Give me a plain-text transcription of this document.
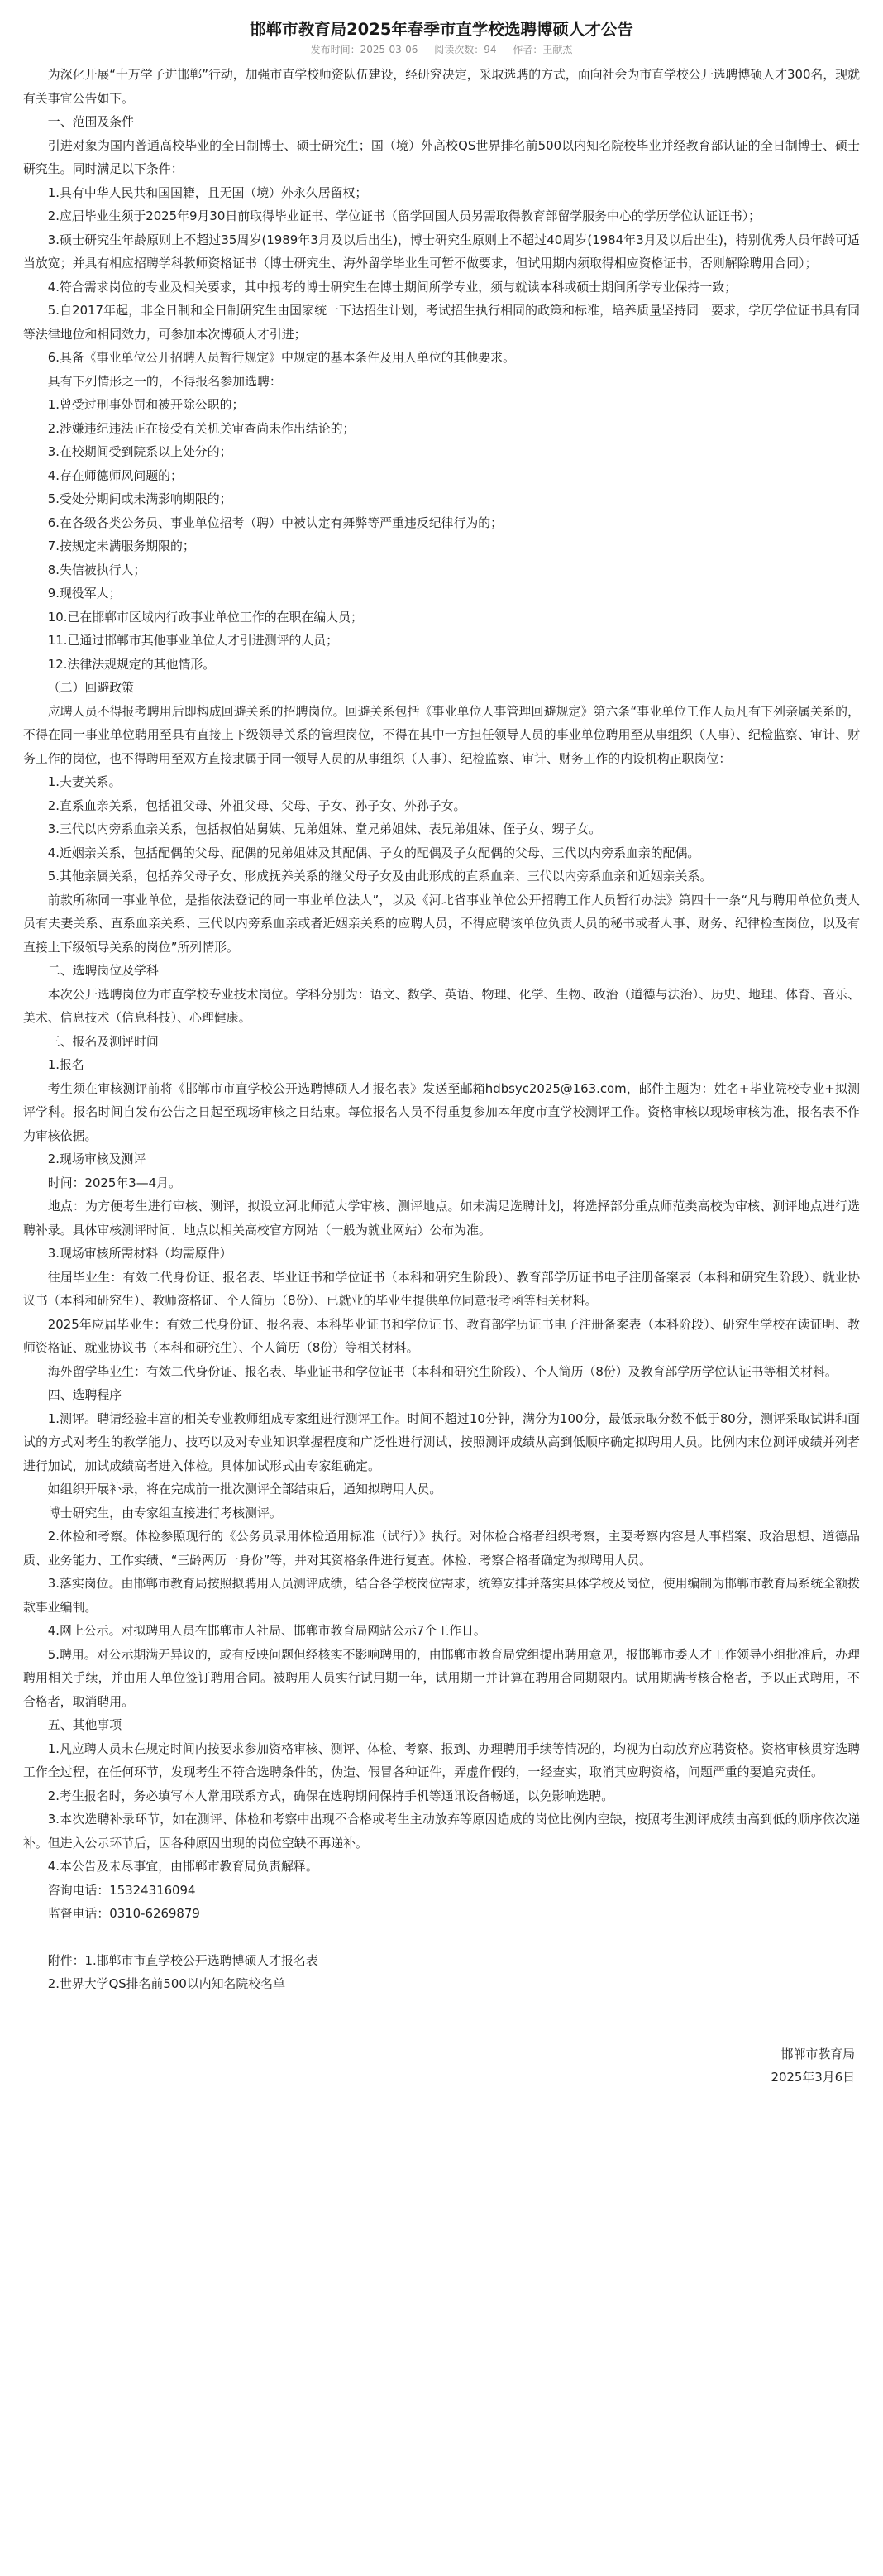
邯郸市教育局2025年春季市直学校选聘博硕人才公告
发布时间：2025-03-06 阅读次数：94 作者：王献杰

为深化开展“十万学子进邯郸”行动，加强市直学校师资队伍建设，经研究决定，采取选聘的方式，面向社会为市直学校公开选聘博硕人才300名，现就有关事宜公告如下。

一、范围及条件

引进对象为国内普通高校毕业的全日制博士、硕士研究生；国（境）外高校QS世界排名前500以内知名院校毕业并经教育部认证的全日制博士、硕士研究生。同时满足以下条件：

1.具有中华人民共和国国籍，且无国（境）外永久居留权；

2.应届毕业生须于2025年9月30日前取得毕业证书、学位证书（留学回国人员另需取得教育部留学服务中心的学历学位认证证书）；

3.硕士研究生年龄原则上不超过35周岁(1989年3月及以后出生)，博士研究生原则上不超过40周岁(1984年3月及以后出生)，特别优秀人员年龄可适当放宽；并具有相应招聘学科教师资格证书（博士研究生、海外留学毕业生可暂不做要求，但试用期内须取得相应资格证书，否则解除聘用合同）；

4.符合需求岗位的专业及相关要求，其中报考的博士研究生在博士期间所学专业，须与就读本科或硕士期间所学专业保持一致；

5.自2017年起，非全日制和全日制研究生由国家统一下达招生计划，考试招生执行相同的政策和标准，培养质量坚持同一要求，学历学位证书具有同等法律地位和相同效力，可参加本次博硕人才引进；

6.具备《事业单位公开招聘人员暂行规定》中规定的基本条件及用人单位的其他要求。

具有下列情形之一的，不得报名参加选聘：

1.曾受过刑事处罚和被开除公职的；

2.涉嫌违纪违法正在接受有关机关审查尚未作出结论的；

3.在校期间受到院系以上处分的；

4.存在师德师风问题的；

5.受处分期间或未满影响期限的；

6.在各级各类公务员、事业单位招考（聘）中被认定有舞弊等严重违反纪律行为的；

7.按规定未满服务期限的；

8.失信被执行人；

9.现役军人；

10.已在邯郸市区域内行政事业单位工作的在职在编人员；

11.已通过邯郸市其他事业单位人才引进测评的人员；

12.法律法规规定的其他情形。

（二）回避政策

应聘人员不得报考聘用后即构成回避关系的招聘岗位。回避关系包括《事业单位人事管理回避规定》第六条“事业单位工作人员凡有下列亲属关系的，不得在同一事业单位聘用至具有直接上下级领导关系的管理岗位，不得在其中一方担任领导人员的事业单位聘用至从事组织（人事）、纪检监察、审计、财务工作的岗位，也不得聘用至双方直接隶属于同一领导人员的从事组织（人事）、纪检监察、审计、财务工作的内设机构正职岗位：

1.夫妻关系。

2.直系血亲关系，包括祖父母、外祖父母、父母、子女、孙子女、外孙子女。

3.三代以内旁系血亲关系，包括叔伯姑舅姨、兄弟姐妹、堂兄弟姐妹、表兄弟姐妹、侄子女、甥子女。

4.近姻亲关系，包括配偶的父母、配偶的兄弟姐妹及其配偶、子女的配偶及子女配偶的父母、三代以内旁系血亲的配偶。

5.其他亲属关系，包括养父母子女、形成抚养关系的继父母子女及由此形成的直系血亲、三代以内旁系血亲和近姻亲关系。

前款所称同一事业单位，是指依法登记的同一事业单位法人”，以及《河北省事业单位公开招聘工作人员暂行办法》第四十一条“凡与聘用单位负责人员有夫妻关系、直系血亲关系、三代以内旁系血亲或者近姻亲关系的应聘人员，不得应聘该单位负责人员的秘书或者人事、财务、纪律检查岗位，以及有直接上下级领导关系的岗位”所列情形。

二、选聘岗位及学科

本次公开选聘岗位为市直学校专业技术岗位。学科分别为：语文、数学、英语、物理、化学、生物、政治（道德与法治）、历史、地理、体育、音乐、美术、信息技术（信息科技）、心理健康。

三、报名及测评时间

1.报名

考生须在审核测评前将《邯郸市市直学校公开选聘博硕人才报名表》发送至邮箱hdbsyc2025@163.com，邮件主题为：姓名+毕业院校专业+拟测评学科。报名时间自发布公告之日起至现场审核之日结束。每位报名人员不得重复参加本年度市直学校测评工作。资格审核以现场审核为准，报名表不作为审核依据。

2.现场审核及测评

时间：2025年3—4月。

地点：为方便考生进行审核、测评，拟设立河北师范大学审核、测评地点。如未满足选聘计划，将选择部分重点师范类高校为审核、测评地点进行选聘补录。具体审核测评时间、地点以相关高校官方网站（一般为就业网站）公布为准。

3.现场审核所需材料（均需原件）

往届毕业生：有效二代身份证、报名表、毕业证书和学位证书（本科和研究生阶段）、教育部学历证书电子注册备案表（本科和研究生阶段）、就业协议书（本科和研究生）、教师资格证、个人简历（8份）、已就业的毕业生提供单位同意报考函等相关材料。

2025年应届毕业生：有效二代身份证、报名表、本科毕业证书和学位证书、教育部学历证书电子注册备案表（本科阶段）、研究生学校在读证明、教师资格证、就业协议书（本科和研究生）、个人简历（8份）等相关材料。

海外留学毕业生：有效二代身份证、报名表、毕业证书和学位证书（本科和研究生阶段）、个人简历（8份）及教育部学历学位认证书等相关材料。

四、选聘程序

1.测评。聘请经验丰富的相关专业教师组成专家组进行测评工作。时间不超过10分钟，满分为100分，最低录取分数不低于80分，测评采取试讲和面试的方式对考生的教学能力、技巧以及对专业知识掌握程度和广泛性进行测试，按照测评成绩从高到低顺序确定拟聘用人员。比例内末位测评成绩并列者进行加试，加试成绩高者进入体检。具体加试形式由专家组确定。

如组织开展补录，将在完成前一批次测评全部结束后，通知拟聘用人员。

博士研究生，由专家组直接进行考核测评。

2.体检和考察。体检参照现行的《公务员录用体检通用标准（试行）》执行。对体检合格者组织考察，主要考察内容是人事档案、政治思想、道德品质、业务能力、工作实绩、“三龄两历一身份”等，并对其资格条件进行复查。体检、考察合格者确定为拟聘用人员。

3.落实岗位。由邯郸市教育局按照拟聘用人员测评成绩，结合各学校岗位需求，统筹安排并落实具体学校及岗位，使用编制为邯郸市教育局系统全额拨款事业编制。

4.网上公示。对拟聘用人员在邯郸市人社局、邯郸市教育局网站公示7个工作日。

5.聘用。对公示期满无异议的，或有反映问题但经核实不影响聘用的，由邯郸市教育局党组提出聘用意见，报邯郸市委人才工作领导小组批准后，办理聘用相关手续，并由用人单位签订聘用合同。被聘用人员实行试用期一年，试用期一并计算在聘用合同期限内。试用期满考核合格者，予以正式聘用，不合格者，取消聘用。

五、其他事项

1.凡应聘人员未在规定时间内按要求参加资格审核、测评、体检、考察、报到、办理聘用手续等情况的，均视为自动放弃应聘资格。资格审核贯穿选聘工作全过程，在任何环节，发现考生不符合选聘条件的，伪造、假冒各种证件，弄虚作假的，一经查实，取消其应聘资格，问题严重的要追究责任。

2.考生报名时，务必填写本人常用联系方式，确保在选聘期间保持手机等通讯设备畅通，以免影响选聘。

3.本次选聘补录环节，如在测评、体检和考察中出现不合格或考生主动放弃等原因造成的岗位比例内空缺，按照考生测评成绩由高到低的顺序依次递补。但进入公示环节后，因各种原因出现的岗位空缺不再递补。

4.本公告及未尽事宜，由邯郸市教育局负责解释。

咨询电话：15324316094

监督电话：0310-6269879

附件：1.邯郸市市直学校公开选聘博硕人才报名表

2.世界大学QS排名前500以内知名院校名单

邯郸市教育局

2025年3月6日
